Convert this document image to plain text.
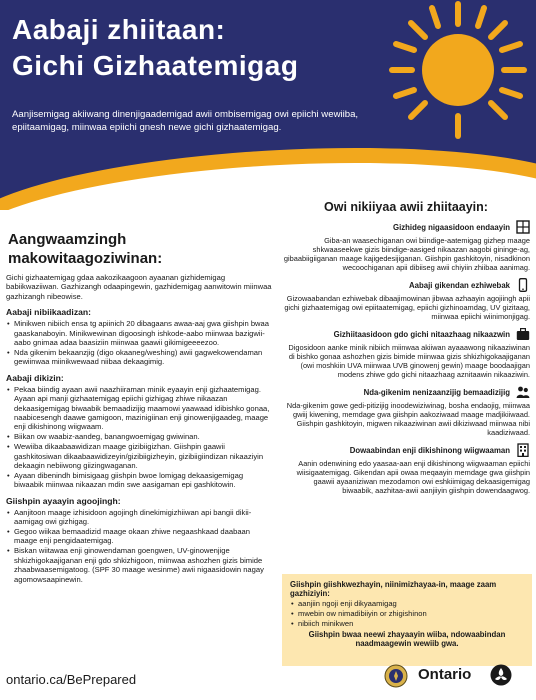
Aabaji zhiitaan:
Gichi Gizhaatemigag
Aanjisemigag akiiwang dinenjigaademigad awii ombisemigag owi epiichi wewiiba, epiitaamigag, miinwaa epiichi gnesh newe gichi gizhaatemigag.
Aangwaamzingh
makowitaagoziwinan:
Gichi gizhaatemigag gdaa aakozikaagoon ayaanan gizhidemigag babiikwaziiwan. Gazhizangh odaapingewin, gazhidemigag aanwitowin miinwaa gazhizangh nibeowise.
Aabaji nibiikaadizan:
• Minikwen nibiich ensa tg apiinich 20 dibagaans awaa-aaj gwa giishpin bwaa gaaskanaboyin. Minikwewinan digoosingh ishkode-aabo miinwaa bazigwii-aabo gnimaa adaa baasiziin miinwaa gaawii gikimigeeeezoo.
• Nda gikenim bekaanzjig (digo okaaneg/weshing) awii gagwekowendaman gewiinwaa miinikwewaad niibaa dekaagimig.
Aabaji dikizin:
• Pekaa biindig ayaan awii naazhiiraman minik eyaayin enji gizhaatemigag. Ayaan api manji gizhaatemigag epiichi gizhigag zhiwe nikaazan dekaasigemigag biwaabik bemaadizijig maamowi yaawaad idibishko gonaa, naabicesengh daawe gamigoon, mazinigiinan enji ginowenjigaadeg, maage enji dikishinong wiigwaam.
• Biikan ow waabiz-aandeg, banangwoemigag gwiwinan.
• Wewiiba dikaabaawidizan maage gizibiigizhan. Giishpin gaawii gashkitosiwan dikaabaawidizeyin/gizibiigizheyin, gizibiigiindizan nikaaziyin dekaagin nebiiwong giizingwaganan.
• Ayaan dibenindh bimisigaag giishpin bwoe lomigag dekaasigemigag biwaabik miinwaa nikaazan mdin swe aasigaman epi gashkitowin.
Giishpin ayaayin agoojingh:
• Aanjitoon maage izhisidoon agojingh dinekimigizhiiwan api bangii dikii-aamigag owi gizhigag.
• Gegoo wiikaa bemaadizid maage okaan zhiwe negaashkaad daabaan maage enji pengidaatemigag.
• Biskan wiitawaa enji ginowendaman goengwen, UV-ginowenjige shkizhigokaajiganan enji gdo shkizhigoon, miinwaa ashozhen gizis bimide zhaabwaasemigatoog. (SPF 30 maage wesinme) awii nigaasidowin nagay agomowsaapinewin.
Owi nikiiyaa awii zhiitaayin:
Gizhideg nigaasidoon endaayin
Giba-an waasechiganan owi biindige-aatemigag gizhep maage shkwaaseekwe gizis biindige-aasiged nikaazan aagobi gininge-ag, gibaabiigiiganan maage kajigedesijiganan. Giishpin gashkitoyin, nisadkinon wecoochiganan apii dibiiseg awii chiyiin zhiibaa aanimag.
Aabaji gikendan ezhiwebak
Gizowaabandan ezhiwebak dibaajimowinan jibwaa azhaayin agojiingh apii gichi gizhaatemigag owi epiitaatemigag, epiichi gizhinoamdag, UV gizitaag, miinwaa epiichi wiinimonjigag.
Gizhiitaasidoon gdo gichi nitaazhaag nikaazwin
Digosidoon aanke minik nibiich miinwaa akiiwan ayaaawong nikaaziwinan di bishko gonaa ashozhen gizis bimide miinwaa gizis shkizhigokaajiganan (owi moshkiin UVA miinwaa UVB ginowenj gewin) maage boodaajigan modens zhiwe gdo gichi nitaazhaag aznitaawin nikaaziwin.
Nda-gikenim nenizaanzijig bemaadizijig
Nda-gikenim gowe gedi-pitizijig inoodewiziwinag, bosha endaojig, miinwaa gwiij kiwening, memdage gwa giishpin aakoziwaad maage madjikiiwaad. Giishpin gashkitoyin, migwen nikaaziwinan awii dikiziwaad miinwaa nibi kaadiziwaad.
Dowaabindan enji dikishinong wiigwaaman
Aanin odenwining edo yaasaa-aan enji dikishinong wiigwaaman epiichi wiisigaatemigag. Gikendan apii owaa meqaayin memdage gwa giishpin gaawii ayaaniziwan mezodamon owi eshkiimigag dekaasigemigag biwaabik, aazhitaa-awii aanjiiyin giishpin dowendaagwog.
Giishpin giishkwezhayin, niinimizhayaa-in, maage zaam gazhiziyin:
• aanjiin ngoji enji dikyaamigag
• mwebin ow nimadibiiyin or zhigishinon
• nibiich minikwen
Giishpin bwaa neewi zhayaayin wiiba, ndowaabindan naadmaagewin wewiib gwa.
ontario.ca/BePrepared	Ontario
